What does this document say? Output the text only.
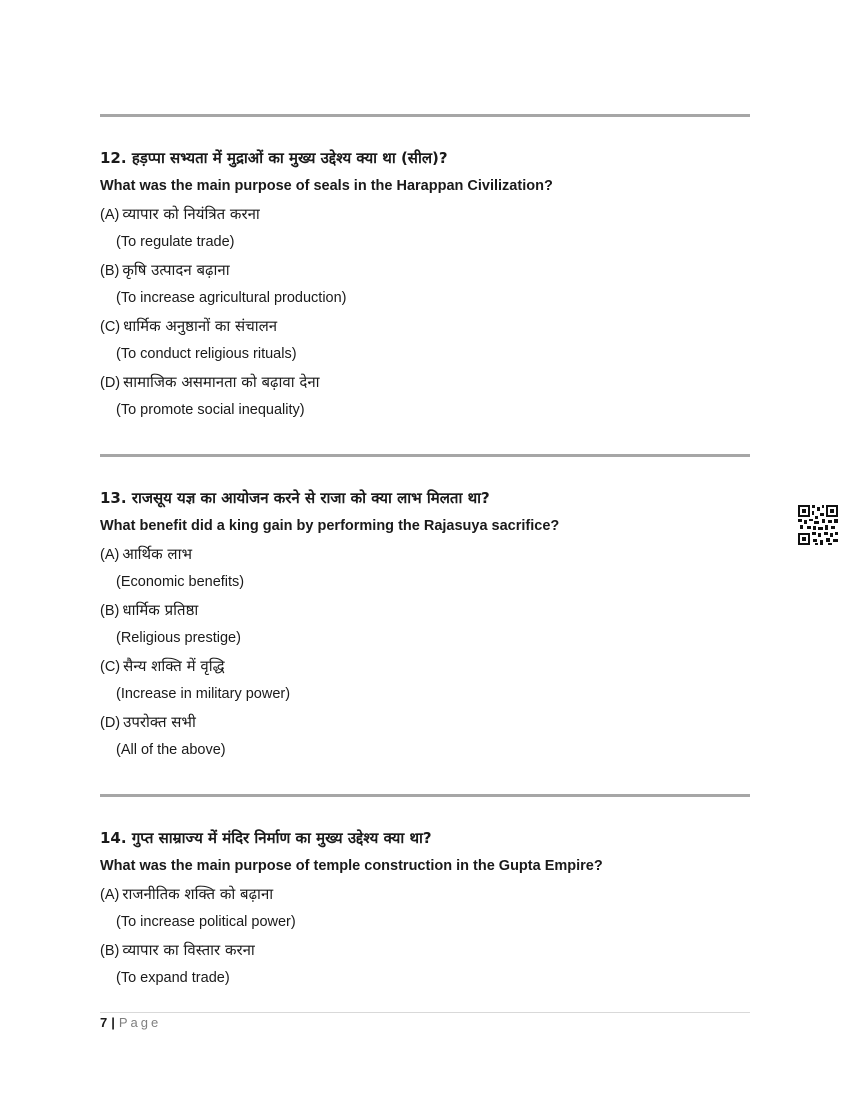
12. हड़प्पा सभ्यता में मुद्राओं का मुख्य उद्देश्य क्या था (सील)?
What was the main purpose of seals in the Harappan Civilization?
(A) व्यापार को नियंत्रित करना
(To regulate trade)
(B) कृषि उत्पादन बढ़ाना
(To increase agricultural production)
(C) धार्मिक अनुष्ठानों का संचालन
(To conduct religious rituals)
(D) सामाजिक असमानता को बढ़ावा देना
(To promote social inequality)
13. राजसूय यज्ञ का आयोजन करने से राजा को क्या लाभ मिलता था?
What benefit did a king gain by performing the Rajasuya sacrifice?
(A) आर्थिक लाभ
(Economic benefits)
(B) धार्मिक प्रतिष्ठा
(Religious prestige)
(C) सैन्य शक्ति में वृद्धि
(Increase in military power)
(D) उपरोक्त सभी
(All of the above)
14. गुप्त साम्राज्य में मंदिर निर्माण का मुख्य उद्देश्य क्या था?
What was the main purpose of temple construction in the Gupta Empire?
(A) राजनीतिक शक्ति को बढ़ाना
(To increase political power)
(B) व्यापार का विस्तार करना
(To expand trade)
7 | Page
